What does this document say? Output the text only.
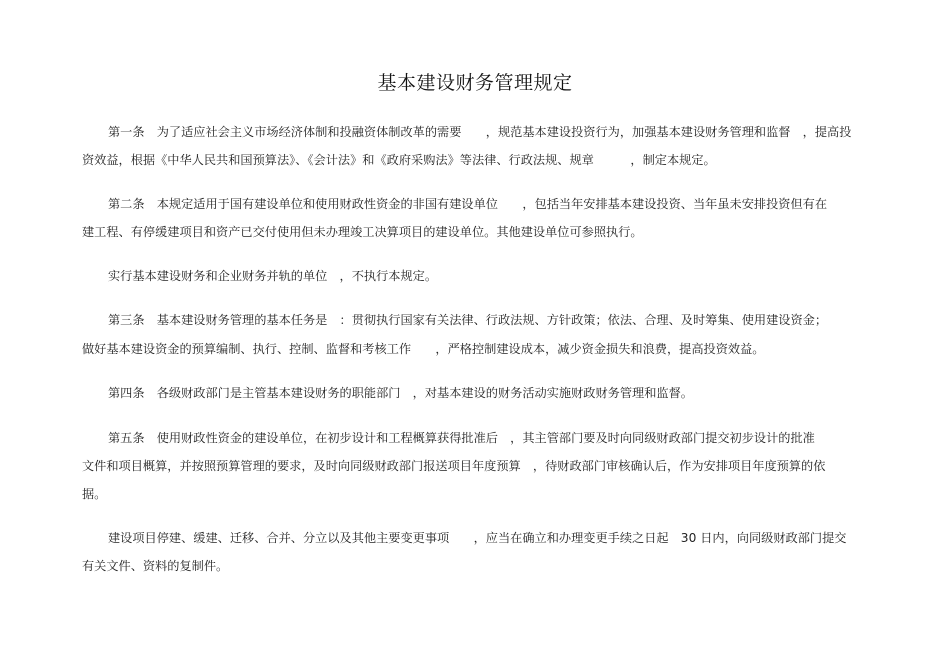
基本建设财务管理规定
第一条　为了适应社会主义市场经济体制和投融资体制改革的需要　　，规范基本建设投资行为，加强基本建设财务管理和监督　，提高投
资效益，根据《中华人民共和国预算法》、《会计法》和《政府采购法》等法律、行政法规、规章　　　，制定本规定。
第二条　本规定适用于国有建设单位和使用财政性资金的非国有建设单位　　，包括当年安排基本建设投资、当年虽未安排投资但有在
建工程、有停缓建项目和资产已交付使用但未办理竣工决算项目的建设单位。其他建设单位可参照执行。
实行基本建设财务和企业财务并轨的单位　，不执行本规定。
第三条　基本建设财务管理的基本任务是　：贯彻执行国家有关法律、行政法规、方针政策；依法、合理、及时筹集、使用建设资金；
做好基本建设资金的预算编制、执行、控制、监督和考核工作　　，严格控制建设成本，减少资金损失和浪费，提高投资效益。
第四条　各级财政部门是主管基本建设财务的职能部门　，对基本建设的财务活动实施财政财务管理和监督。
第五条　使用财政性资金的建设单位，在初步设计和工程概算获得批准后　，其主管部门要及时向同级财政部门提交初步设计的批准
文件和项目概算，并按照预算管理的要求，及时向同级财政部门报送项目年度预算　，待财政部门审核确认后，作为安排项目年度预算的依
据。
建设项目停建、缓建、迁移、合并、分立以及其他主要变更事项　　，应当在确立和办理变更手续之日起　30 日内，向同级财政部门提交
有关文件、资料的复制件。
